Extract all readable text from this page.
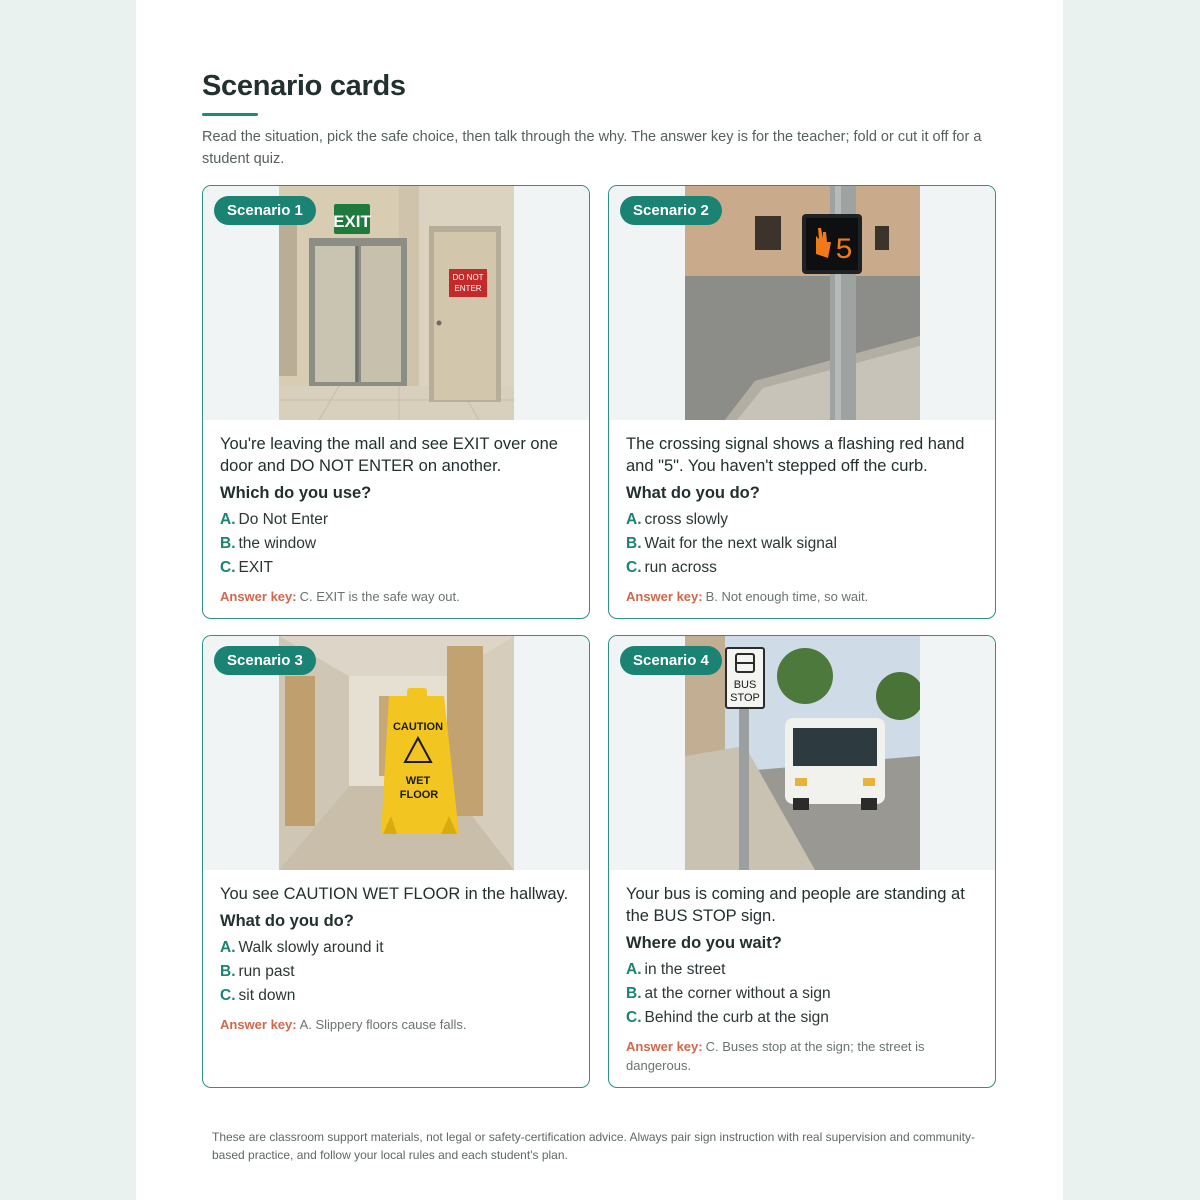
Scenario cards
Read the situation, pick the safe choice, then talk through the why. The answer key is for the teacher; fold or cut it off for a student quiz.
EXIT
DO NOT
ENTER
Scenario 1

You're leaving the mall and see EXIT over one door and DO NOT ENTER on another.

Which do you use?
A. Do Not Enter
B. the window
C. EXIT
Answer key: C. EXIT is the safe way out.
5
Scenario 2

The crossing signal shows a flashing red hand and "5". You haven't stepped off the curb.

What do you do?
A. cross slowly
B. Wait for the next walk signal
C. run across
Answer key: B. Not enough time, so wait.
CAUTION
WET
FLOOR
Scenario 3

You see CAUTION WET FLOOR in the hallway.

What do you do?
A. Walk slowly around it
B. run past
C. sit down
Answer key: A. Slippery floors cause falls.
BUS
STOP
Scenario 4

Your bus is coming and people are standing at the BUS STOP sign.

Where do you wait?
A. in the street
B. at the corner without a sign
C. Behind the curb at the sign
Answer key: C. Buses stop at the sign; the street is dangerous.
These are classroom support materials, not legal or safety-certification advice. Always pair sign instruction with real supervision and community-based practice, and follow your local rules and each student's plan.
